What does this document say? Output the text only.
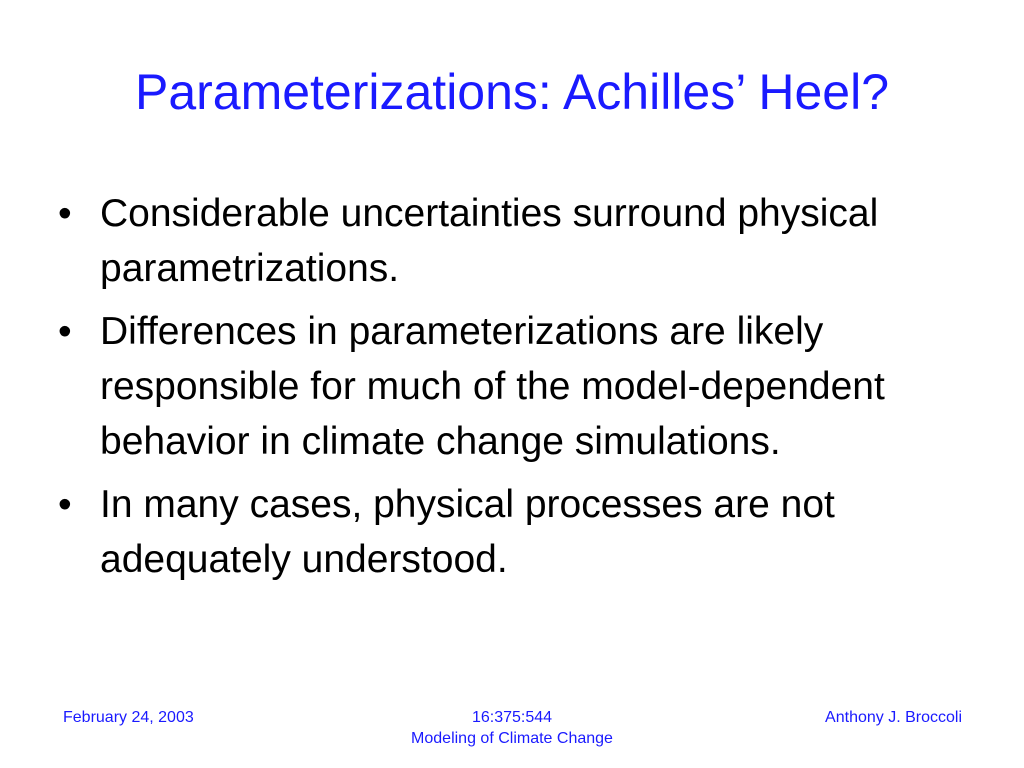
Parameterizations: Achilles’ Heel?
• Considerable uncertainties surround physical parametrizations.
• Differences in parameterizations are likely responsible for much of the model-dependent behavior in climate change simulations.
• In many cases, physical processes are not adequately understood.
February 24, 2003	16:375:544
Modeling of Climate Change
Anthony J. Broccoli
